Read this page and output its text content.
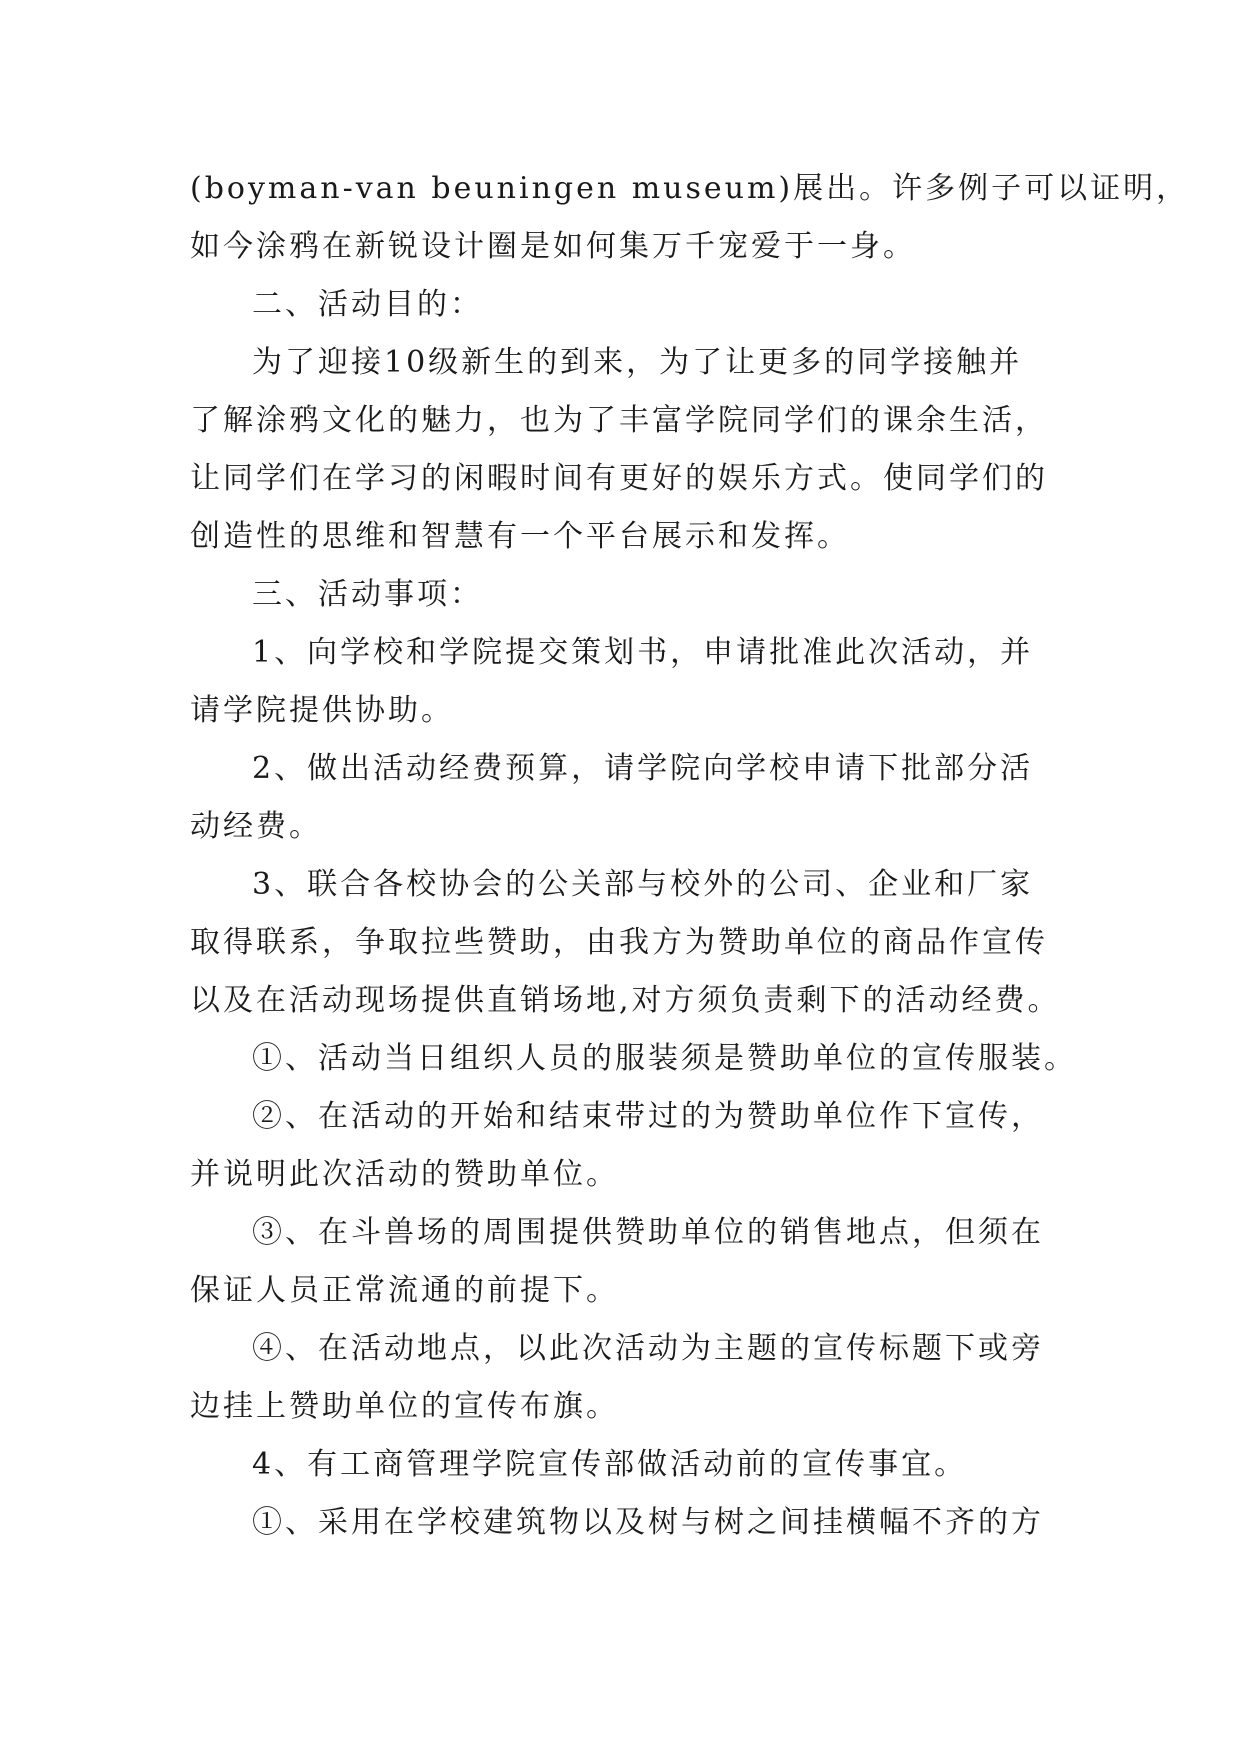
(boyman-van beuningen museum)展出。许多例子可以证明，
如今涂鸦在新锐设计圈是如何集万千宠爱于一身。
二、活动目的：
为了迎接10级新生的到来，为了让更多的同学接触并
了解涂鸦文化的魅力，也为了丰富学院同学们的课余生活，
让同学们在学习的闲暇时间有更好的娱乐方式。使同学们的
创造性的思维和智慧有一个平台展示和发挥。
三、活动事项：
1、向学校和学院提交策划书，申请批准此次活动，并
请学院提供协助。
2、做出活动经费预算，请学院向学校申请下批部分活
动经费。
3、联合各校协会的公关部与校外的公司、企业和厂家
取得联系，争取拉些赞助，由我方为赞助单位的商品作宣传
以及在活动现场提供直销场地,对方须负责剩下的活动经费。
①、活动当日组织人员的服装须是赞助单位的宣传服装。
②、在活动的开始和结束带过的为赞助单位作下宣传，
并说明此次活动的赞助单位。
③、在斗兽场的周围提供赞助单位的销售地点，但须在
保证人员正常流通的前提下。
④、在活动地点，以此次活动为主题的宣传标题下或旁
边挂上赞助单位的宣传布旗。
4、有工商管理学院宣传部做活动前的宣传事宜。
①、采用在学校建筑物以及树与树之间挂横幅不齐的方
